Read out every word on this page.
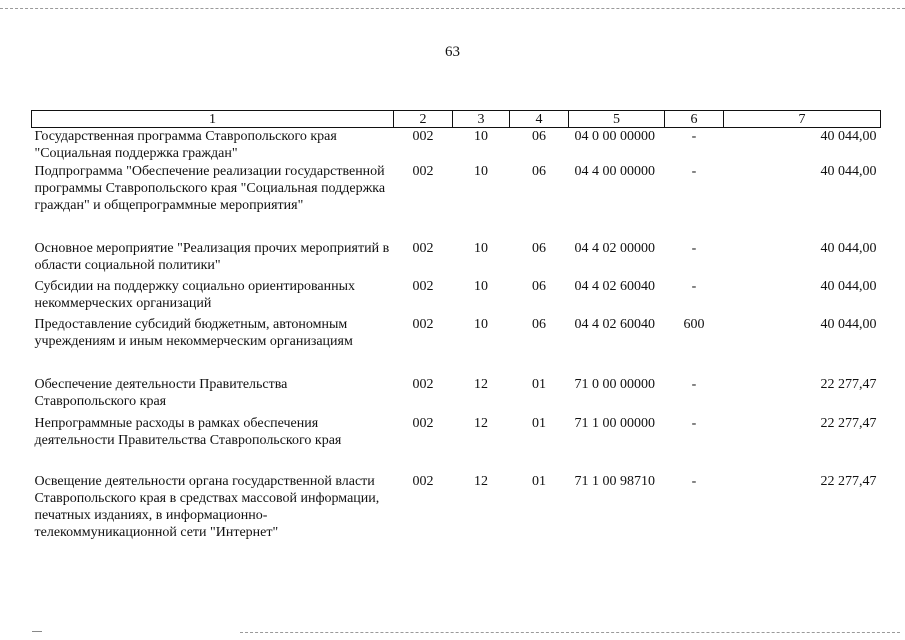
63
1	2	3	4	5	6	7
Государственная программа Ставропольского края "Социальная поддержка граждан"	002	10	06	04 0 00 00000	-	40 044,00
Подпрограмма "Обеспечение реализации государственной программы Ставропольского края "Социальная поддержка граждан" и общепрограммные мероприятия"	002	10	06	04 4 00 00000	-	40 044,00
Основное мероприятие "Реализация прочих мероприятий в области социальной политики"	002	10	06	04 4 02 00000	-	40 044,00
Субсидии на поддержку социально ориентированных некоммерческих организаций	002	10	06	04 4 02 60040	-	40 044,00
Предоставление субсидий бюджетным, автономным учреждениям и иным некоммерческим организациям	002	10	06	04 4 02 60040	600	40 044,00
Обеспечение деятельности Правительства Ставропольского края	002	12	01	71 0 00 00000	-	22 277,47
Непрограммные расходы в рамках обеспечения деятельности Правительства Ставропольского края	002	12	01	71 1 00 00000	-	22 277,47
Освещение деятельности органа государственной власти Ставропольского края в средствах массовой информации, печатных изданиях, в информационно-телекоммуникационной сети "Интернет"	002	12	01	71 1 00 98710	-	22 277,47
